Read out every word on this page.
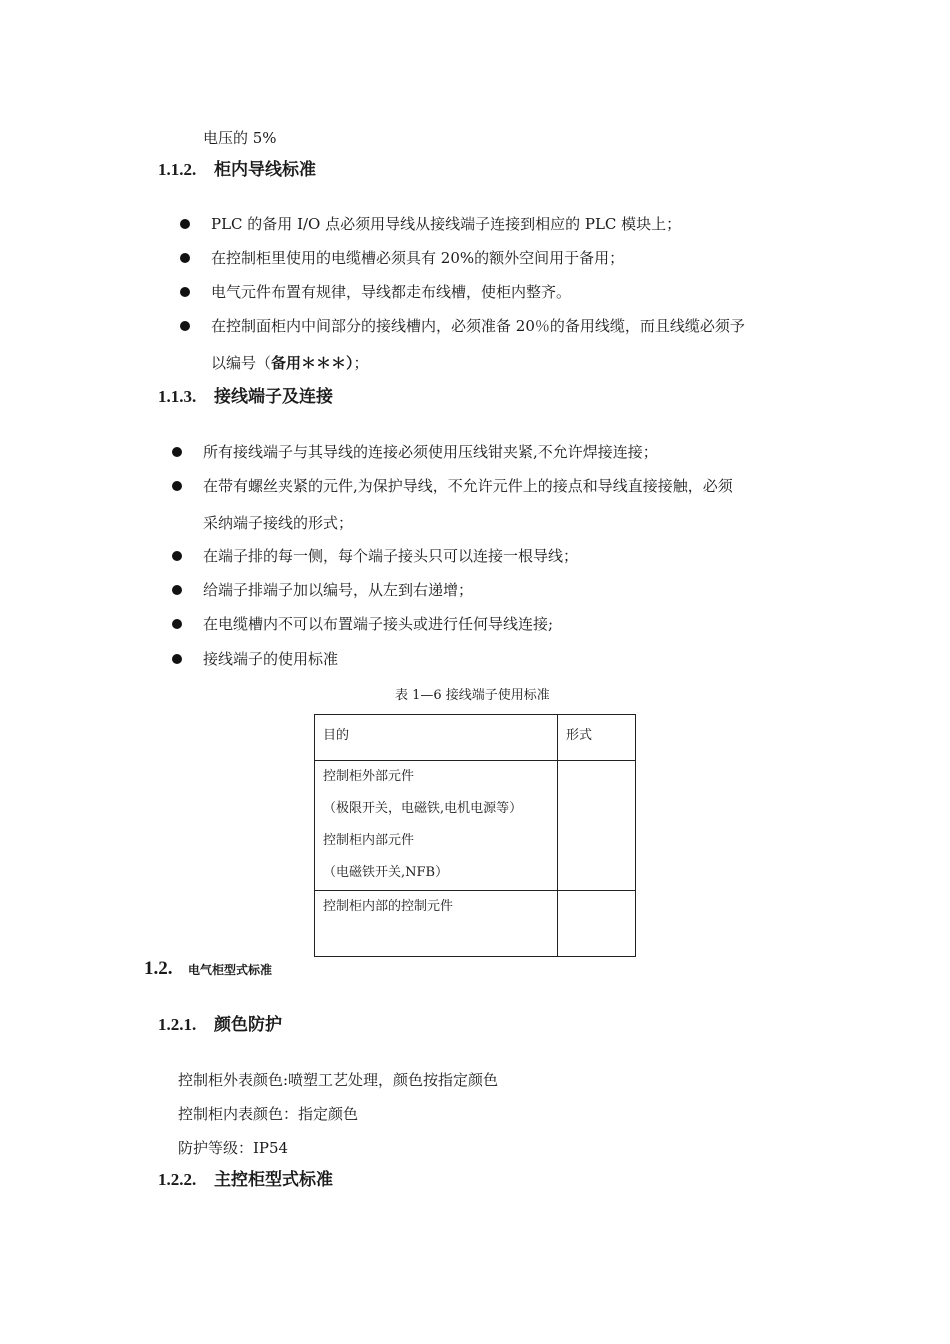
电压的 5%
1.1.2. 柜内导线标准
PLC 的备用 I/O 点必须用导线从接线端子连接到相应的 PLC 模块上；
在控制柜里使用的电缆槽必须具有 20%的额外空间用于备用；
电气元件布置有规律，导线都走布线槽，使柜内整齐。
在控制面柜内中间部分的接线槽内，必须准备 20％的备用线缆，而且线缆必须予
以编号（备用＊＊＊）；
1.1.3. 接线端子及连接
所有接线端子与其导线的连接必须使用压线钳夹紧,不允许焊接连接；
在带有螺丝夹紧的元件,为保护导线，不允许元件上的接点和导线直接接触，必须
采纳端子接线的形式；
在端子排的每一侧，每个端子接头只可以连接一根导线；
给端子排端子加以编号，从左到右递增；
在电缆槽内不可以布置端子接头或进行任何导线连接;
接线端子的使用标准
表 1—6 接线端子使用标准
目的	形式

控制柜外部元件
（极限开关，电磁铁,电机电源等）
控制柜内部元件
（电磁铁开关,NFB）	

控制柜内部的控制元件	

1.2. 电气柜型式标准
1.2.1. 颜色防护
控制柜外表颜色:喷塑工艺处理，颜色按指定颜色
控制柜内表颜色：指定颜色
防护等级：IP54
1.2.2. 主控柜型式标准
